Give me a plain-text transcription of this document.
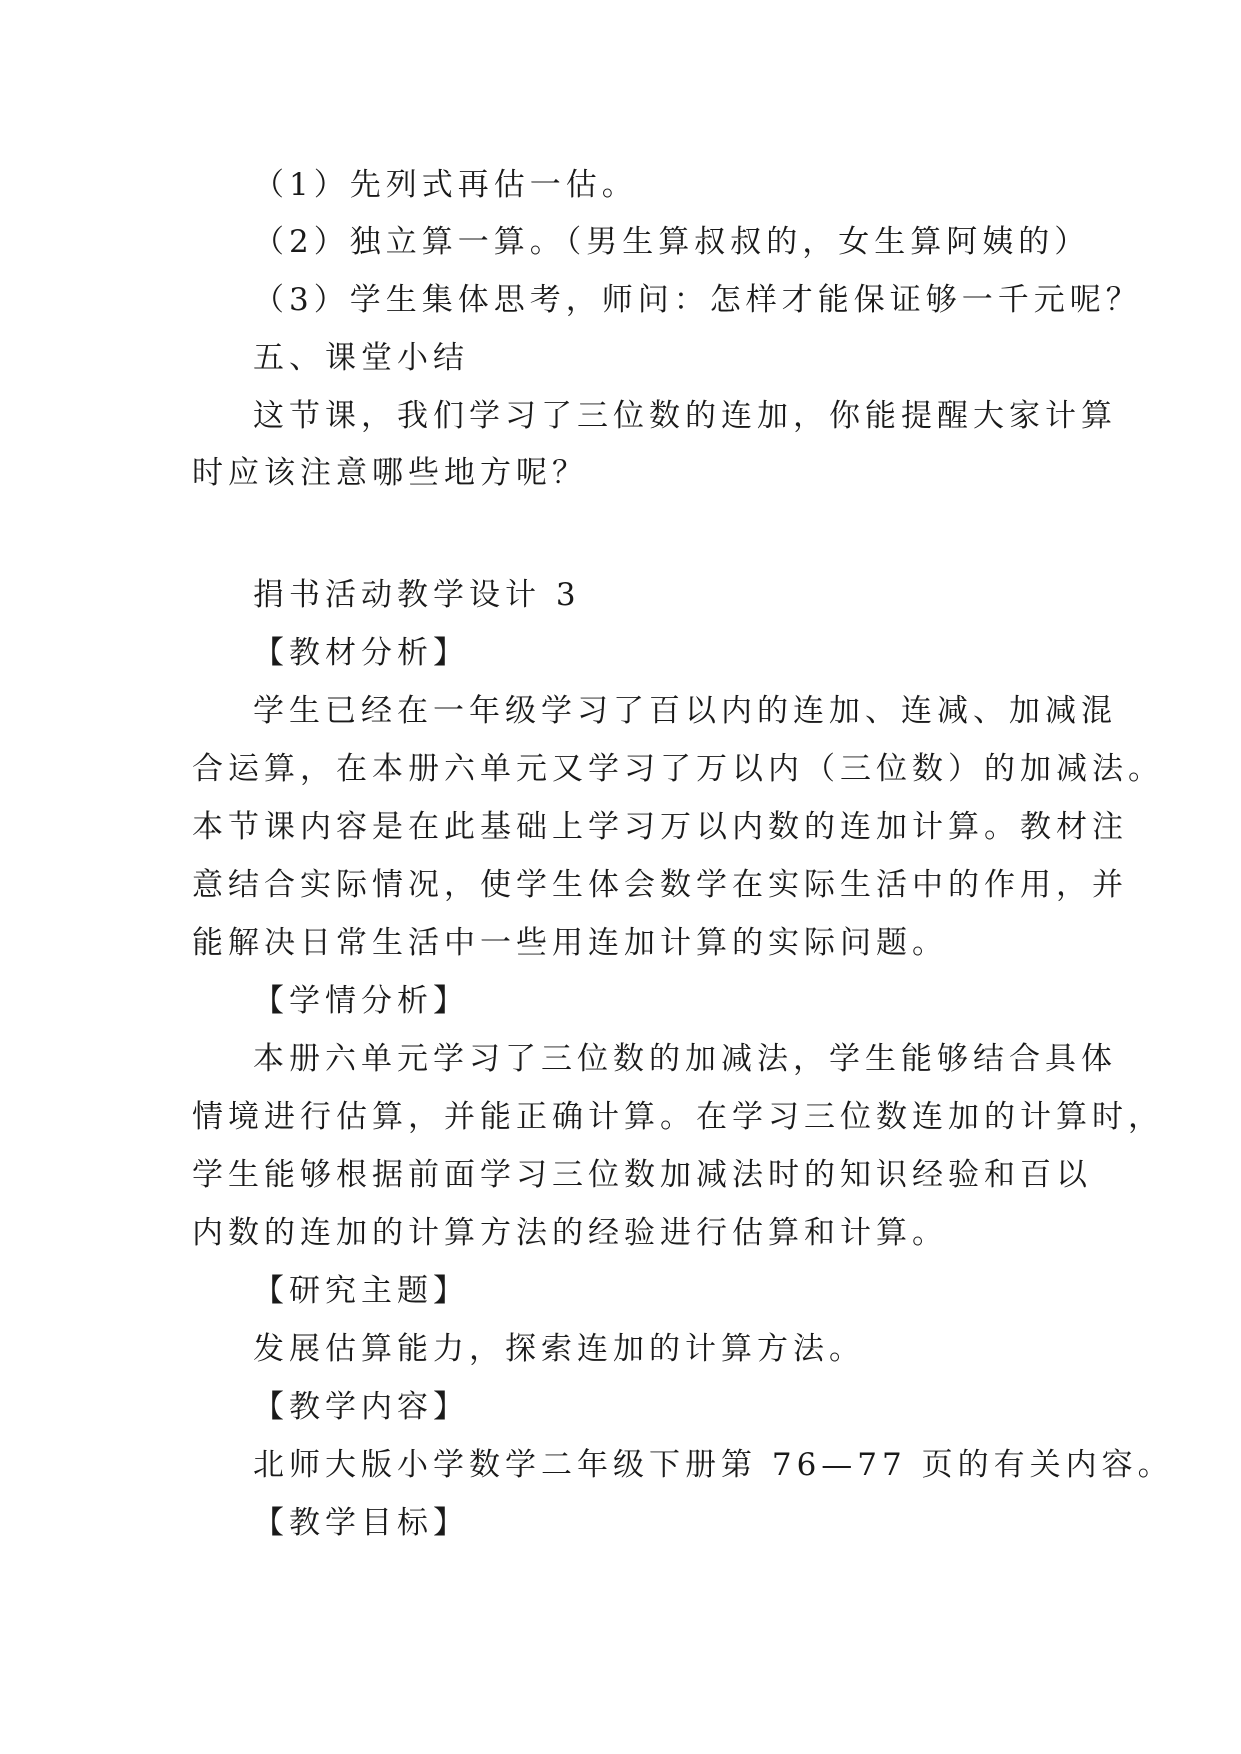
（1）先列式再估一估。
（2）独立算一算。（男生算叔叔的，女生算阿姨的）
（3）学生集体思考，师问：怎样才能保证够一千元呢？
五、课堂小结
这节课，我们学习了三位数的连加，你能提醒大家计算
时应该注意哪些地方呢？
捐书活动教学设计 3
【教材分析】
学生已经在一年级学习了百以内的连加、连减、加减混
合运算，在本册六单元又学习了万以内（三位数）的加减法。
本节课内容是在此基础上学习万以内数的连加计算。教材注
意结合实际情况，使学生体会数学在实际生活中的作用，并
能解决日常生活中一些用连加计算的实际问题。
【学情分析】
本册六单元学习了三位数的加减法，学生能够结合具体
情境进行估算，并能正确计算。在学习三位数连加的计算时，
学生能够根据前面学习三位数加减法时的知识经验和百以
内数的连加的计算方法的经验进行估算和计算。
【研究主题】
发展估算能力，探索连加的计算方法。
【教学内容】
北师大版小学数学二年级下册第 76—77 页的有关内容。
【教学目标】
